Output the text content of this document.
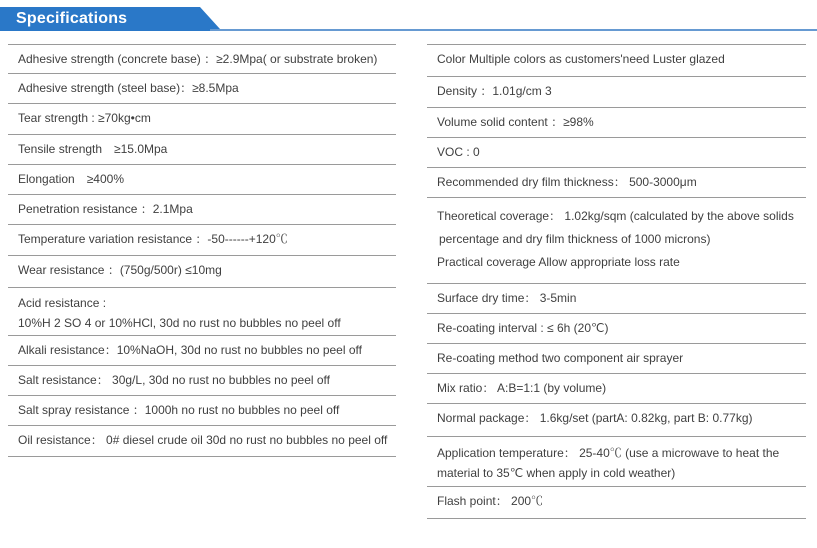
Specifications
Adhesive strength (concrete base) ：≥2.9Mpa( or substrate broken)
Adhesive strength (steel base)：≥8.5Mpa
Tear strength : ≥70kg•cm
Tensile strength　≥15.0Mpa
Elongation　≥400%
Penetration resistance ：2.1Mpa
Temperature variation resistance ：-50------+120℃
Wear resistance ：(750g/500r) ≤10mg
Acid resistance :
10%H 2 SO 4 or 10%HCl, 30d no rust no bubbles no peel off
Alkali resistance：10%NaOH, 30d no rust no bubbles no peel off
Salt resistance： 30g/L, 30d no rust no bubbles no peel off
Salt spray resistance ：1000h no rust no bubbles no peel off
Oil resistance： 0# diesel crude oil 30d no rust no bubbles no peel off
Color Multiple colors as customers'need Luster glazed
Density ：1.01g/cm 3
Volume solid content ：≥98%
VOC : 0
Recommended dry film thickness： 500-3000μm
Theoretical coverage： 1.02kg/sqm (calculated by the above solids
percentage and dry film thickness of 1000 microns)
Practical coverage Allow appropriate loss rate
Surface dry time： 3-5min
Re-coating interval : ≤ 6h (20℃)
Re-coating method two component air sprayer
Mix ratio： A:B=1:1 (by volume)
Normal package： 1.6kg/set (partA: 0.82kg, part B: 0.77kg)
Application temperature： 25-40℃ (use a microwave to heat the
material to 35℃ when apply in cold weather)
Flash point： 200℃
